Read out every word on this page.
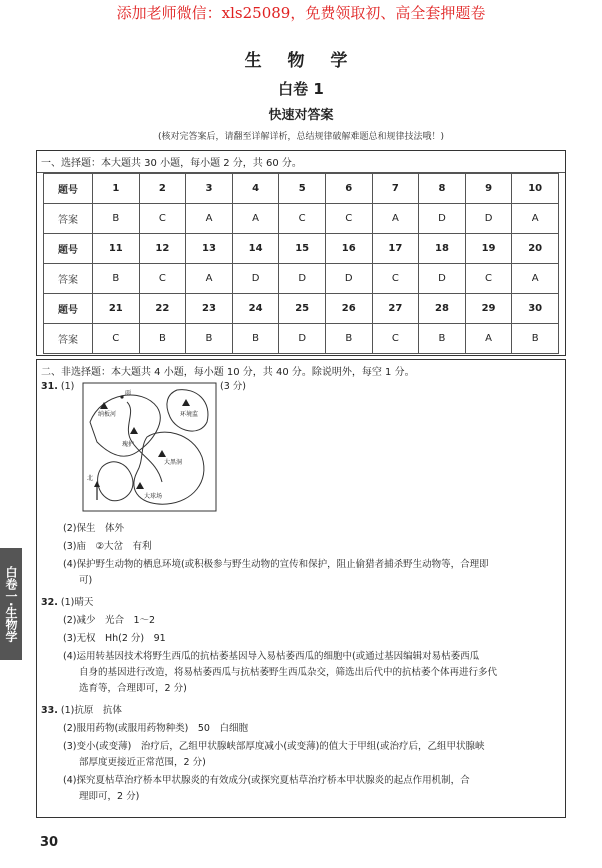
添加老师微信：xls25089，免费领取初、高全套押题卷
生 物 学
白卷 1
快速对答案
(核对完答案后，请翻至详解详析，总结规律破解难题总和规律技法哦！)
一、选择题：本大题共 30 小题，每小题 2 分，共 60 分。
题号	1	2	3	4	5	6	7	8	9	10
答案	B	C	A	A	C	C	A	D	D	A
题号	11	12	13	14	15	16	17	18	19	20
答案	B	C	A	D	D	D	C	D	C	A
题号	21	22	23	24	25	26	27	28	29	30
答案	C	B	B	B	D	B	C	B	A	B
二、非选择题：本大题共 4 小题，每小题 10 分，共 40 分。除说明外，每空 1 分。
31. (1)	(3 分)
纳板河
雨
环境监
瑰护
大黑洞
大球场
北
(2)保生　体外
(3)庙　②大岔　有利
(4)保护野生动物的栖息环境(或积极参与野生动物的宣传和保护，阻止偷猎者捕杀野生动物等，合理即
可)
32. (1)晴天
(2)减少　光合　1～2
(3)无权　Hh(2 分)　91
(4)运用转基因技术将野生西瓜的抗枯萎基因导入易枯萎西瓜的细胞中(或通过基因编辑对易枯萎西瓜
自身的基因进行改造，将易枯萎西瓜与抗枯萎野生西瓜杂交，筛选出后代中的抗枯萎个体再进行多代
选育等，合理即可，2 分)
33. (1)抗原　抗体
(2)服用药物(或服用药物种类)　50　白细胞
(3)变小(或变薄)　治疗后，乙组甲状腺峡部厚度减小(或变薄)的值大于甲组(或治疗后，乙组甲状腺峡
部厚度更接近正常范围，2 分)
(4)探究夏枯草治疗桥本甲状腺炎的有效成分(或探究夏枯草治疗桥本甲状腺炎的起点作用机制，合
理即可，2 分)
白卷一·生物学
30
